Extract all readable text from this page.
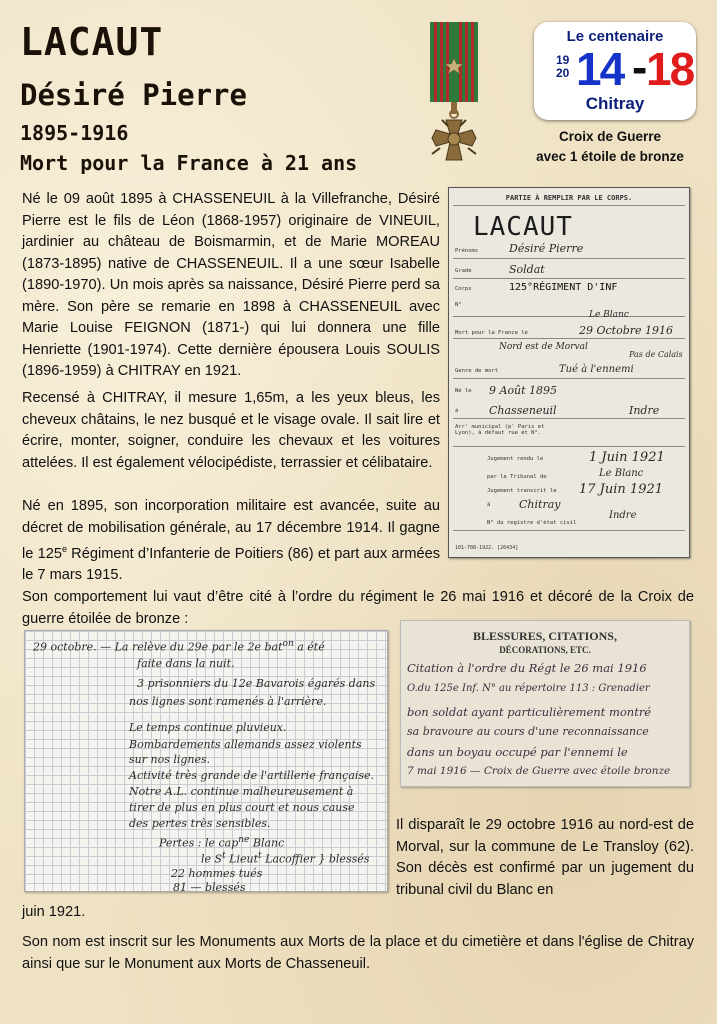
LACAUT
Désiré Pierre
1895-1916
Mort pour la France à 21 ans
Le centenaire
19
20 14 -
18
Chitray
Croix de Guerre
avec 1 étoile de bronze
Né le 09 août 1895 à CHASSENEUIL à la Villefranche, Désiré Pierre est le fils de Léon (1868-1957) originaire de VINEUIL, jardinier au château de Boismarmin, et de Marie MOREAU (1873-1895) native de CHASSENEUIL. Il a une sœur Isabelle (1890-1970). Un mois après sa naissance, Désiré Pierre perd sa mère. Son père se remarie en 1898 à CHASSENEUIL avec Marie Louise FEIGNON (1871-) qui lui donnera une fille Henriette (1901-1974). Cette dernière épousera Louis SOULIS (1896-1959) à CHITRAY en 1921.
Recensé à CHITRAY, il mesure 1,65m, a les yeux bleus, les cheveux châtains, le nez busqué et le visage ovale. Il sait lire et écrire, monter, soigner, conduire les chevaux et les voitures attelées. Il est également vélocipédiste, terrassier et célibataire.
Né en 1895, son incorporation militaire est avancée, suite au décret de mobilisation générale, au 17 décembre 1914. Il gagne le 125e Régiment d’Infanterie de Poitiers (86) et part aux armées le 7 mars 1915.
Son comportement lui vaut d’être cité à l’ordre du régiment le 26 mai 1916 et décoré de la Croix de guerre étoilée de bronze :
Il disparaît le 29 octobre 1916 au nord-est de Morval, sur la commune de Le Transloy (62). Son décès est confirmé par un jugement du tribunal civil du Blanc en
juin 1921.
Son nom est inscrit sur les Monuments aux Morts de la place et du cimetière et dans l'église de Chitray ainsi que sur le Monument aux Morts de Chasseneuil.
PARTIE À REMPLIR PAR LE CORPS.
LACAUT
Prénoms
Grade
Corps	125°RÉGIMENT D'INF
N°
Mort pour la France le
Genre de mort
Né le
à
Arr' municipal (p' Paris et Lyon), à défaut rue et N°.
Jugement rendu le
par le Tribunal de
Jugement transcrit le
à
N° du registre d'état civil
Désiré Pierre
Soldat
Le Blanc
29 Octobre 1916
Nord est de Morval
Pas de Calais
Tué à l'ennemi
9 Août 1895
Chasseneuil	Indre
1 Juin 1921
Le Blanc
17 Juin 1921
Chitray
Indre
101-708-1922. [26434]
29 octobre. — La relève du 29e par le 2e bat$^{on}$ a été
faite dans la nuit.
3 prisonniers du 12e Bavarois égarés dans
nos lignes sont ramenés à l'arrière.
Le temps continue pluvieux.
Bombardements allemands assez violents
sur nos lignes.
Activité très grande de l'artillerie française.
Notre A.L. continue malheureusement à
tirer de plus en plus court et nous cause
des pertes très sensibles.
Pertes : le cap$^{ne}$ Blanc
le $S^t$ Lieut$^t$ Lacoffier } blessés
22 hommes tués
81 — blessés
BLESSURES, CITATIONS,
DÉCORATIONS, ETC.
Citation à l'ordre du Régt le 26 mai 1916
O.du 125e Inf. N° au répertoire 113 : Grenadier
bon soldat ayant particulièrement montré
sa bravoure au cours d'une reconnaissance
dans un boyau occupé par l'ennemi le
7 mai 1916 — Croix de Guerre avec étoile bronze
